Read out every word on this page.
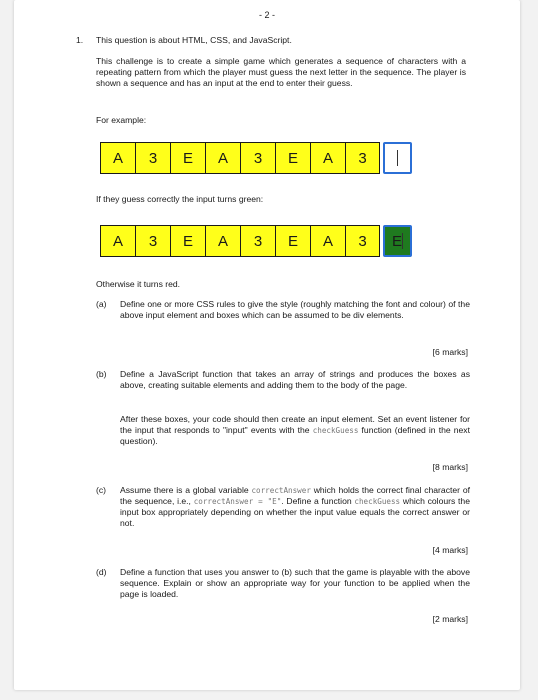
- 2 -
1. This question is about HTML, CSS, and JavaScript.
This challenge is to create a simple game which generates a sequence of characters with a repeating pattern from which the player must guess the next letter in the sequence. The player is shown a sequence and has an input at the end to enter their guess.
For example:
A	3	E	A	3	E	A	3
If they guess correctly the input turns green:
A	3	E	A	3	E	A	3	E
Otherwise it turns red.
(a) Define one or more CSS rules to give the style (roughly matching the font and colour) of the above input element and boxes which can be assumed to be div elements.
[6 marks]
(b) Define a JavaScript function that takes an array of strings and produces the boxes as above, creating suitable elements and adding them to the body of the page.
After these boxes, your code should then create an input element. Set an event listener for the input that responds to "input" events with the checkGuess function (defined in the next question).
[8 marks]
(c) Assume there is a global variable correctAnswer which holds the correct final character of the sequence, i.e., correctAnswer = "E". Define a function checkGuess which colours the input box appropriately depending on whether the input value equals the correct answer or not.
[4 marks]
(d) Define a function that uses you answer to (b) such that the game is playable with the above sequence. Explain or show an appropriate way for your function to be applied when the page is loaded.
[2 marks]
